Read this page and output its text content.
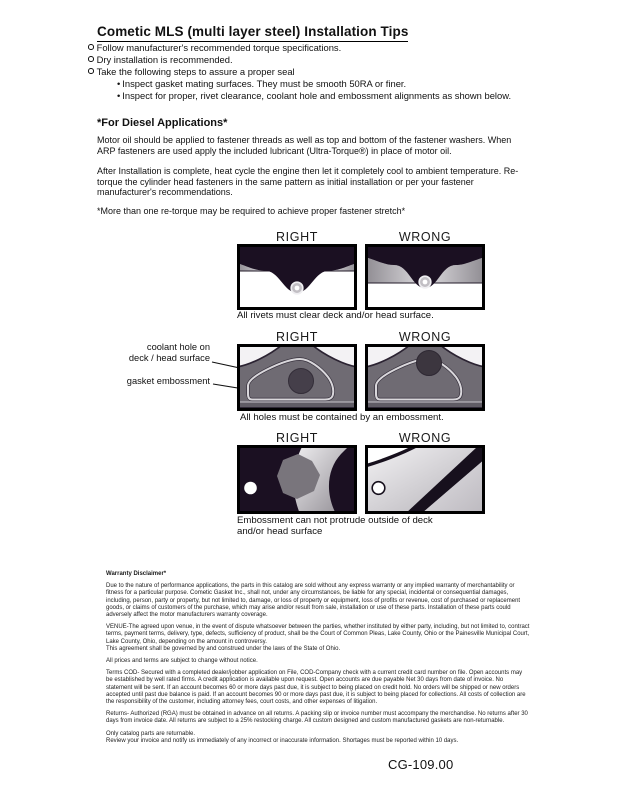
Cometic MLS (multi layer steel) Installation Tips
Follow manufacturer's recommended torque specifications.
Dry installation is recommended.
Take the following steps to assure a proper seal
• Inspect gasket mating surfaces. They must be smooth 50RA or finer.
• Inspect for proper, rivet clearance, coolant hole and embossment alignments as shown below.
*For Diesel Applications*
Motor oil should be applied to fastener threads as well as top and bottom of the fastener washers. When ARP fasteners are used apply the included lubricant (Ultra-Torque®) in place of motor oil.
After Installation is complete, heat cycle the engine then let it completely cool to ambient temperature. Re-torque the cylinder head fasteners in the same pattern as initial installation or per your fastener manufacturer's recommendations.
*More than one re-torque may be required to achieve proper fastener stretch*
RIGHT	WRONG
All rivets must clear deck and/or head surface.
RIGHT	WRONG
coolant hole on
deck / head surface
gasket embossment
All holes must be contained by an embossment.
RIGHT	WRONG
Embossment can not protrude outside of deck and/or head surface
Warranty Disclaimer*

Due to the nature of performance applications, the parts in this catalog are sold without any express warranty or any implied warranty of merchantability or fitness for a particular purpose. Cometic Gasket Inc., shall not, under any circumstances, be liable for any special, incidental or consequential damages, including, person, party or property, but not limited to, damage, or loss of property or equipment, loss of profits or revenue, cost of purchased or replacement goods, or claims of customers of the purchase, which may arise and/or result from sale, installation or use of these parts. Installation of these parts could adversely affect the motor manufacturers warranty coverage.

VENUE-The agreed upon venue, in the event of dispute whatsoever between the parties, whether instituted by either party, including, but not limited to, contract terms, payment terms, delivery, type, defects, sufficiency of product, shall be the Court of Common Pleas, Lake County, Ohio or the Painesville Municipal Court, Lake County, Ohio, depending on the amount in controversy.

This agreement shall be governed by and construed under the laws of the State of Ohio.

All prices and terms are subject to change without notice.

Terms COD- Secured with a completed dealer/jobber application on File, COD-Company check with a current credit card number on file. Open accounts may be established by well rated firms. A credit application is available upon request. Open accounts are due payable Net 30 days from date of invoice. No statement will be sent. If an account becomes 60 or more days past due, it is subject to being placed on credit hold. No orders will be shipped or new orders accepted until past due balance is paid. If an account becomes 90 or more days past due, it is subject to being placed for collections. All costs of collection are the responsibility of the customer, including attorney fees, court costs, and other expenses of litigation.

Returns- Authorized (RGA) must be obtained in advance on all returns. A packing slip or invoice number must accompany the merchandise. No returns after 30 days from invoice date. All returns are subject to a 25% restocking charge. All custom designed and custom manufactured gaskets are non-returnable.

Only catalog parts are returnable.

Review your invoice and notify us immediately of any incorrect or inaccurate information. Shortages must be reported within 10 days.

CG-109.00
